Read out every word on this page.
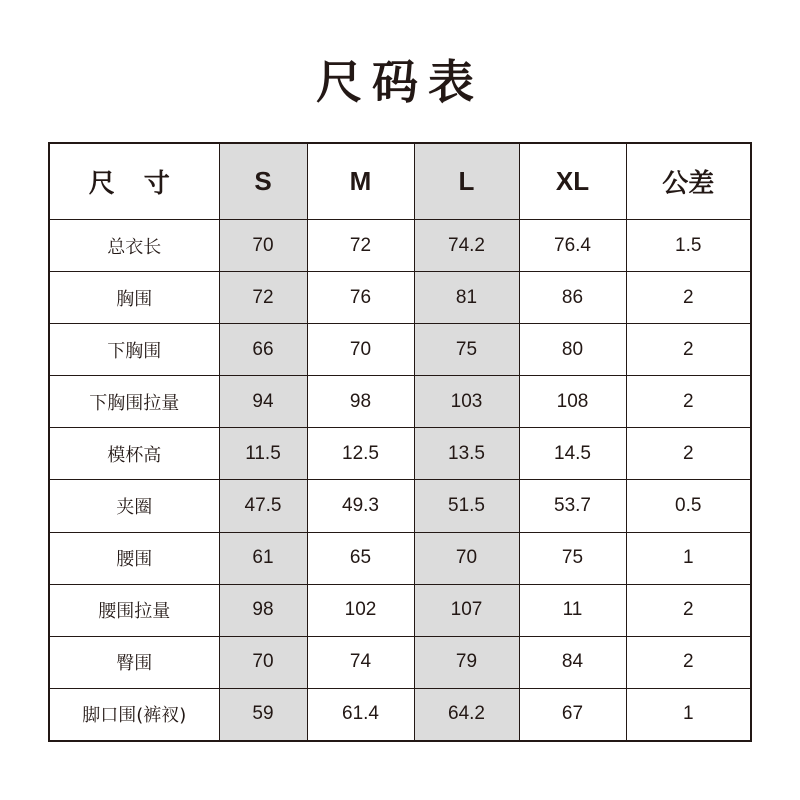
尺码表
尺 寸	S	M	L	XL	公差
总衣长	70	72	74.2	76.4	1.5
胸围	72	76	81	86	2
下胸围	66	70	75	80	2
下胸围拉量	94	98	103	108	2
模杯高	11.5	12.5	13.5	14.5	2
夹圈	47.5	49.3	51.5	53.7	0.5
腰围	61	65	70	75	1
腰围拉量	98	102	107	11	2
臀围	70	74	79	84	2
脚口围(裤衩)	59	61.4	64.2	67	1
